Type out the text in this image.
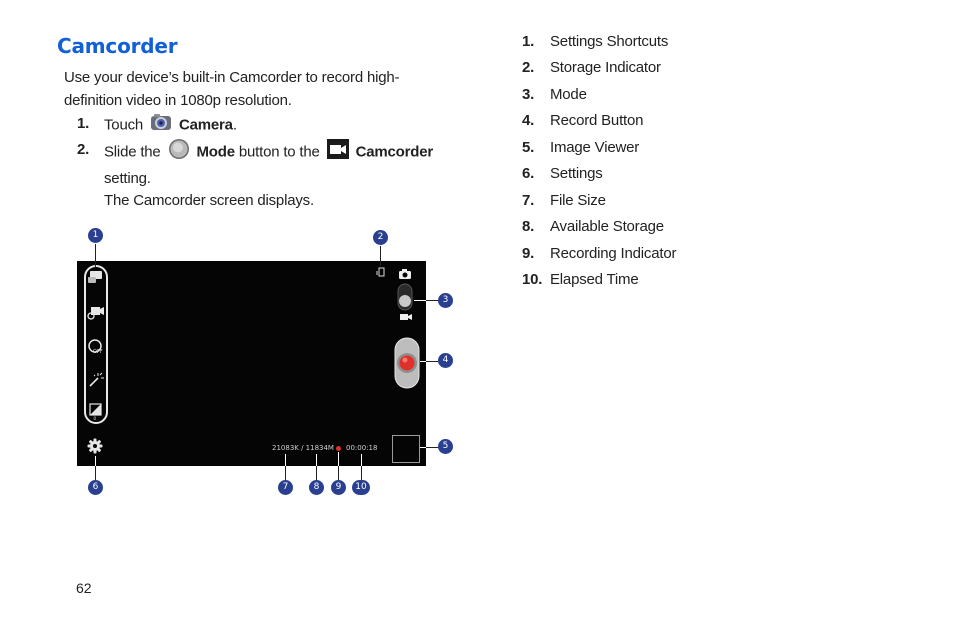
Camcorder
Use your device’s built-in Camcorder to record high-definition video in 1080p resolution.
1. Touch Camera.
2. Slide the Mode button to the Camcorder
setting.
The Camcorder screen displays.
OFF
0
21083K / 11834M 00:00:18
1	2
3
4
5
6	7	8	9	10
1. Settings Shortcuts
2. Storage Indicator
3. Mode
4. Record Button
5. Image Viewer
6. Settings
7. File Size
8. Available Storage
9. Recording Indicator
10. Elapsed Time
62
